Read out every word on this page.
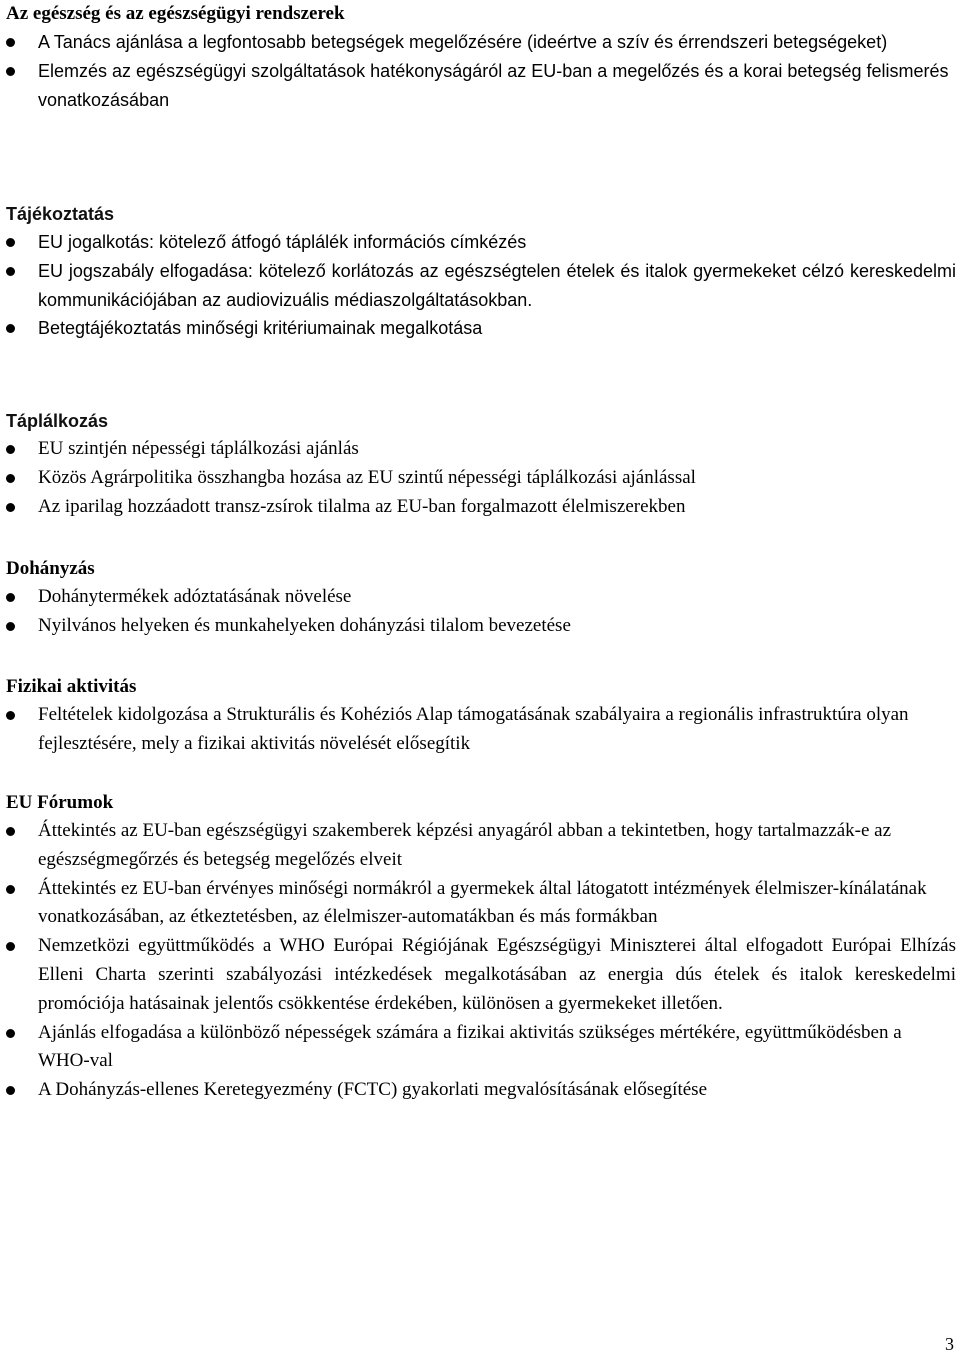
Az egészség és az egészségügyi rendszerek
A Tanács ajánlása a legfontosabb betegségek megelőzésére (ideértve a szív és érrendszeri betegségeket)
Elemzés az egészségügyi szolgáltatások hatékonyságáról az EU-ban a megelőzés és a korai betegség felismerés vonatkozásában
Tájékoztatás
EU jogalkotás: kötelező átfogó táplálék információs címkézés
EU jogszabály elfogadása: kötelező korlátozás az egészségtelen ételek és italok gyermekeket célzó kereskedelmi kommunikációjában az audiovizuális médiaszolgáltatásokban.
Betegtájékoztatás minőségi kritériumainak megalkotása
Táplálkozás
EU szintjén népességi táplálkozási ajánlás
Közös Agrárpolitika összhangba hozása az EU szintű népességi táplálkozási ajánlással
Az iparilag hozzáadott transz-zsírok tilalma az EU-ban forgalmazott élelmiszerekben
Dohányzás
Dohánytermékek adóztatásának növelése
Nyilvános helyeken és munkahelyeken dohányzási tilalom bevezetése
Fizikai aktivitás
Feltételek kidolgozása a Strukturális és Kohéziós Alap támogatásának szabályaira a regionális infrastruktúra olyan fejlesztésére, mely a fizikai aktivitás növelését elősegítik
EU Fórumok
Áttekintés az EU-ban egészségügyi szakemberek képzési anyagáról abban a tekintetben, hogy tartalmazzák-e az egészségmegőrzés és betegség megelőzés elveit
Áttekintés ez EU-ban érvényes minőségi normákról a gyermekek által látogatott intézmények élelmiszer-kínálatának vonatkozásában, az étkeztetésben, az élelmiszer-automatákban és más formákban
Nemzetközi együttműködés a WHO Európai Régiójának Egészségügyi Miniszterei által elfogadott Európai Elhízás Elleni Charta szerinti szabályozási intézkedések megalkotásában az energia dús ételek és italok kereskedelmi promóciója hatásainak jelentős csökkentése érdekében, különösen a gyermekeket illetően.
Ajánlás elfogadása a különböző népességek számára a fizikai aktivitás szükséges mértékére, együttműködésben a WHO-val
A Dohányzás-ellenes Keretegyezmény (FCTC) gyakorlati megvalósításának elősegítése
3
